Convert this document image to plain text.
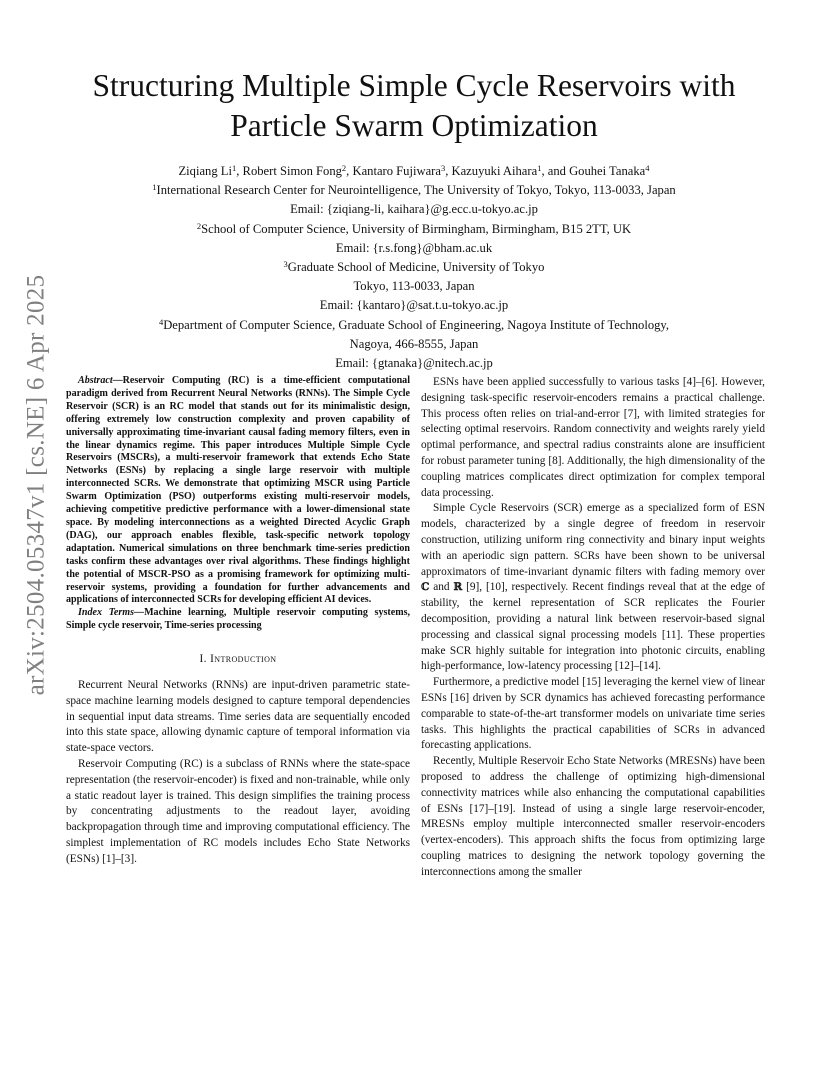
arXiv:2504.05347v1 [cs.NE] 6 Apr 2025
Structuring Multiple Simple Cycle Reservoirs with
Particle Swarm Optimization
Ziqiang Li$^1$, Robert Simon Fong$^2$, Kantaro Fujiwara$^3$, Kazuyuki Aihara$^1$, and Gouhei Tanaka$^4$
$^1$International Research Center for Neurointelligence, The University of Tokyo, Tokyo, 113-0033, Japan
Email: {ziqiang-li, kaihara}@g.ecc.u-tokyo.ac.jp
$^2$School of Computer Science, University of Birmingham, Birmingham, B15 2TT, UK
Email: {r.s.fong}@bham.ac.uk
$^3$Graduate School of Medicine, University of Tokyo
Tokyo, 113-0033, Japan
Email: {kantaro}@sat.t.u-tokyo.ac.jp
$^4$Department of Computer Science, Graduate School of Engineering, Nagoya Institute of Technology,
Nagoya, 466-8555, Japan
Email: {gtanaka}@nitech.ac.jp

Abstract—Reservoir Computing (RC) is a time-efficient computational paradigm derived from Recurrent Neural Networks (RNNs). The Simple Cycle Reservoir (SCR) is an RC model that stands out for its minimalistic design, offering extremely low construction complexity and proven capability of universally approximating time-invariant causal fading memory filters, even in the linear dynamics regime. This paper introduces Multiple Simple Cycle Reservoirs (MSCRs), a multi-reservoir framework that extends Echo State Networks (ESNs) by replacing a single large reservoir with multiple interconnected SCRs. We demonstrate that optimizing MSCR using Particle Swarm Optimization (PSO) outperforms existing multi-reservoir models, achieving competitive predictive performance with a lower-dimensional state space. By modeling interconnections as a weighted Directed Acyclic Graph (DAG), our approach enables flexible, task-specific network topology adaptation. Numerical simulations on three benchmark time-series prediction tasks confirm these advantages over rival algorithms. These findings highlight the potential of MSCR-PSO as a promising framework for optimizing multi-reservoir systems, providing a foundation for further advancements and applications of interconnected SCRs for developing efficient AI devices.

Index Terms—Machine learning, Multiple reservoir computing systems, Simple cycle reservoir, Time-series processing

I. Introduction

Recurrent Neural Networks (RNNs) are input-driven parametric state-space machine learning models designed to capture temporal dependencies in sequential input data streams. Time series data are sequentially encoded into this state space, allowing dynamic capture of temporal information via state-space vectors.

Reservoir Computing (RC) is a subclass of RNNs where the state-space representation (the reservoir-encoder) is fixed and non-trainable, while only a static readout layer is trained. This design simplifies the training process by concentrating adjustments to the readout layer, avoiding backpropagation through time and improving computational efficiency. The simplest implementation of RC models includes Echo State Networks (ESNs) [1]–[3].

ESNs have been applied successfully to various tasks [4]–[6]. However, designing task-specific reservoir-encoders remains a practical challenge. This process often relies on trial-and-error [7], with limited strategies for selecting optimal reservoirs. Random connectivity and weights rarely yield optimal performance, and spectral radius constraints alone are insufficient for robust parameter tuning [8]. Additionally, the high dimensionality of the coupling matrices complicates direct optimization for complex temporal data processing.

Simple Cycle Reservoirs (SCR) emerge as a specialized form of ESN models, characterized by a single degree of freedom in reservoir construction, utilizing uniform ring connectivity and binary input weights with an aperiodic sign pattern. SCRs have been shown to be universal approximators of time-invariant dynamic filters with fading memory over ℂ and ℝ [9], [10], respectively. Recent findings reveal that at the edge of stability, the kernel representation of SCR replicates the Fourier decomposition, providing a natural link between reservoir-based signal processing and classical signal processing models [11]. These properties make SCR highly suitable for integration into photonic circuits, enabling high-performance, low-latency processing [12]–[14].

Furthermore, a predictive model [15] leveraging the kernel view of linear ESNs [16] driven by SCR dynamics has achieved forecasting performance comparable to state-of-the-art transformer models on univariate time series tasks. This highlights the practical capabilities of SCRs in advanced forecasting applications.

Recently, Multiple Reservoir Echo State Networks (MRESNs) have been proposed to address the challenge of optimizing high-dimensional connectivity matrices while also enhancing the computational capabilities of ESNs [17]–[19]. Instead of using a single large reservoir-encoder, MRESNs employ multiple interconnected smaller reservoir-encoders (vertex-encoders). This approach shifts the focus from optimizing large coupling matrices to designing the network topology governing the interconnections among the smaller
